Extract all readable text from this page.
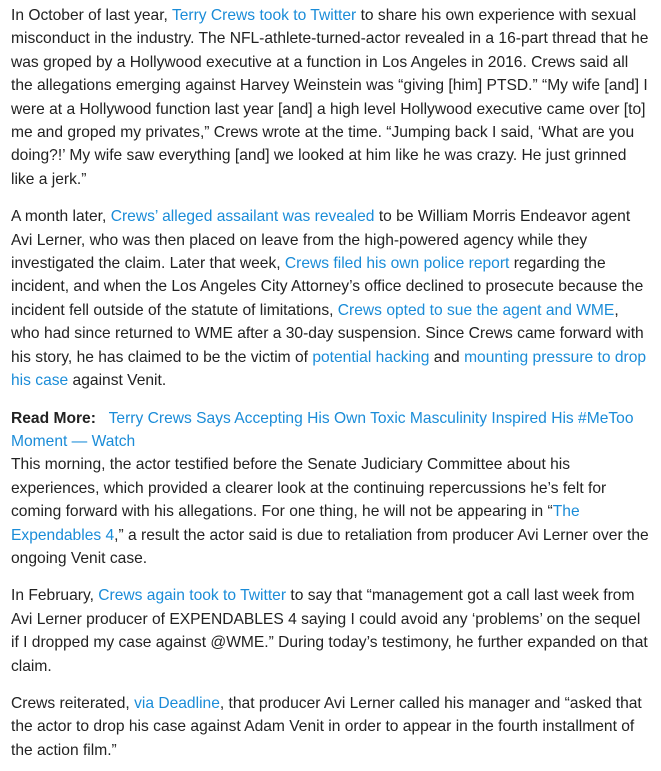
In October of last year, Terry Crews took to Twitter to share his own experience with sexual misconduct in the industry. The NFL-athlete-turned-actor revealed in a 16-part thread that he was groped by a Hollywood executive at a function in Los Angeles in 2016. Crews said all the allegations emerging against Harvey Weinstein was “giving [him] PTSD.” “My wife [and] I were at a Hollywood function last year [and] a high level Hollywood executive came over [to] me and groped my privates,” Crews wrote at the time. “Jumping back I said, ‘What are you doing?!’ My wife saw everything [and] we looked at him like he was crazy. He just grinned like a jerk.”

A month later, Crews’ alleged assailant was revealed to be William Morris Endeavor agent Avi Lerner, who was then placed on leave from the high-powered agency while they investigated the claim. Later that week, Crews filed his own police report regarding the incident, and when the Los Angeles City Attorney’s office declined to prosecute because the incident fell outside of the statute of limitations, Crews opted to sue the agent and WME, who had since returned to WME after a 30-day suspension. Since Crews came forward with his story, he has claimed to be the victim of potential hacking and mounting pressure to drop his case against Venit.

Read More: Terry Crews Says Accepting His Own Toxic Masculinity Inspired His #MeToo Moment — Watch

This morning, the actor testified before the Senate Judiciary Committee about his experiences, which provided a clearer look at the continuing repercussions he’s felt for coming forward with his allegations. For one thing, he will not be appearing in “The Expendables 4,” a result the actor said is due to retaliation from producer Avi Lerner over the ongoing Venit case.

In February, Crews again took to Twitter to say that “management got a call last week from Avi Lerner producer of EXPENDABLES 4 saying I could avoid any ‘problems’ on the sequel if I dropped my case against @WME.” During today’s testimony, he further expanded on that claim.

Crews reiterated, via Deadline, that producer Avi Lerner called his manager and “asked that the actor to drop his case against Adam Venit in order to appear in the fourth installment of the action film.”
